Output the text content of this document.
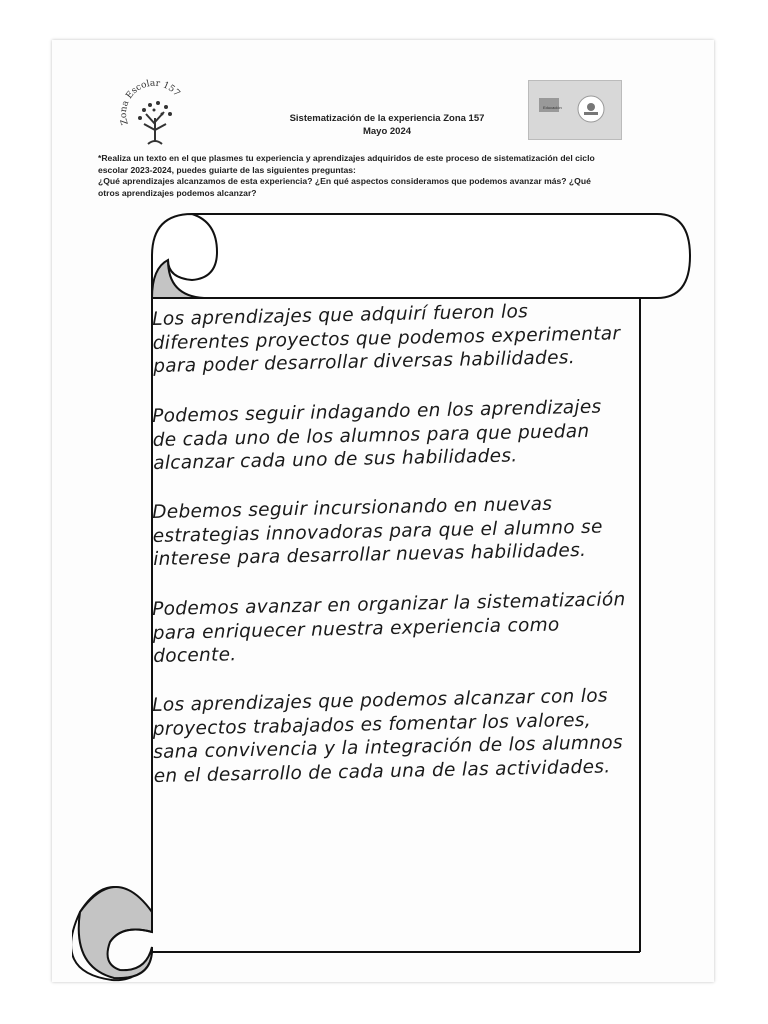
Zona Escolar 157
Sistematización de la experiencia Zona 157
Mayo 2024
Educación
*Realiza un texto en el que plasmes tu experiencia y aprendizajes adquiridos de este proceso de sistematización del ciclo
escolar 2023-2024, puedes guiarte de las siguientes preguntas:
¿Qué aprendizajes alcanzamos de esta experiencia? ¿En qué aspectos consideramos que podemos avanzar más? ¿Qué
otros aprendizajes podemos alcanzar?
Los aprendizajes que adquirí fueron los diferentes proyectos que podemos experimentar para poder desarrollar diversas habilidades.
Podemos seguir indagando en los aprendizajes de cada uno de los alumnos para que puedan alcanzar cada uno de sus habilidades.
Debemos seguir incursionando en nuevas estrategias innovadoras para que el alumno se interese para desarrollar nuevas habilidades.
Podemos avanzar en organizar la sistematización para enriquecer nuestra experiencia como docente.
Los aprendizajes que podemos alcanzar con los proyectos trabajados es fomentar los valores, sana convivencia y la integración de los alumnos en el desarrollo de cada una de las actividades.
